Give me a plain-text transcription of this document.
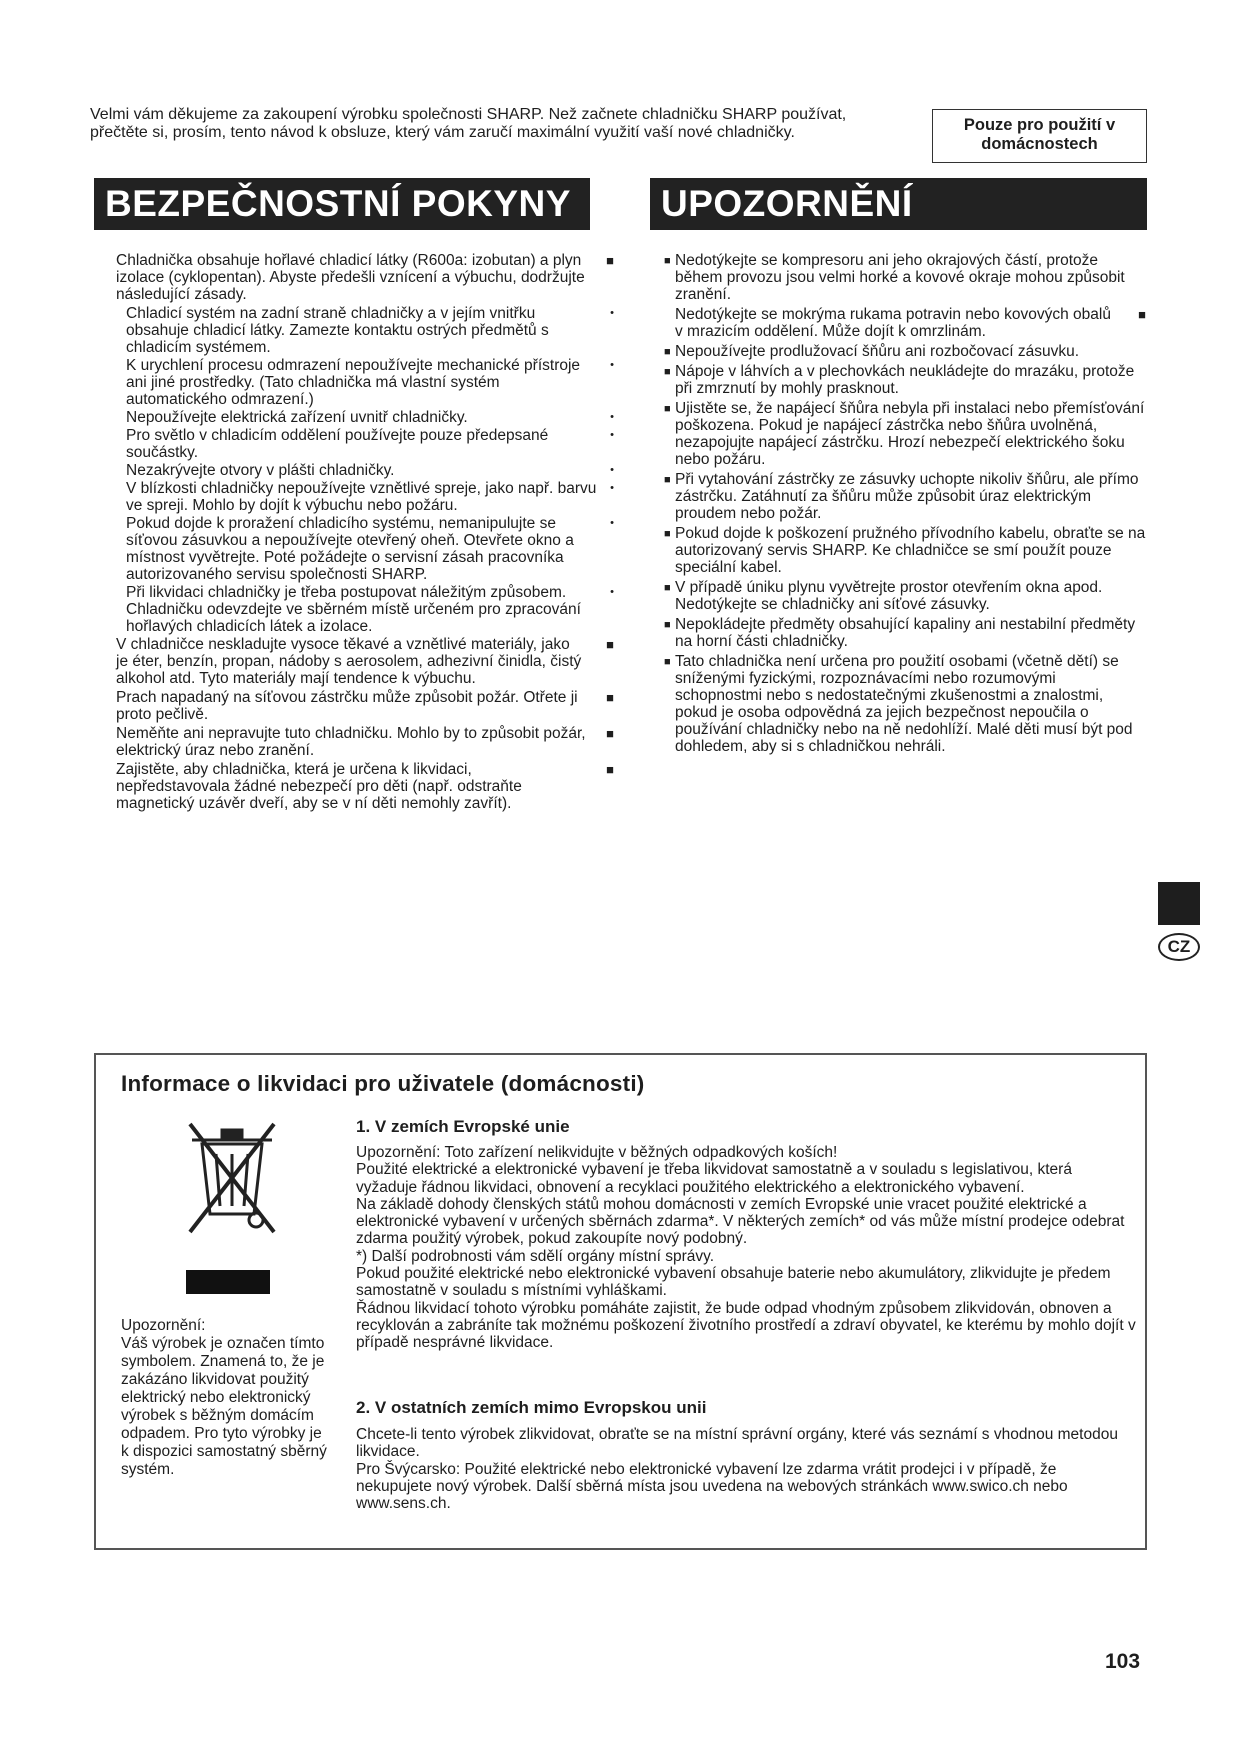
Velmi vám děkujeme za zakoupení výrobku společnosti SHARP. Než začnete chladničku SHARP používat, přečtěte si, prosím, tento návod k obsluze, který vám zaručí maximální využití vaší nové chladničky.	Pouze pro použití v domácnostech
BEZPEČNOSTNÍ POKYNY	UPOZORNĚNÍ
Chladnička obsahuje hořlavé chladicí látky (R600a: izobutan) a plyn izolace (cyklopentan). Abyste předešli vznícení a výbuchu, dodržujte následující zásady.
■
Chladicí systém na zadní straně chladničky a v jejím vnitřku obsahuje chladicí látky. Zamezte kontaktu ostrých předmětů s chladicím systémem.
•
K urychlení procesu odmrazení nepoužívejte mechanické přístroje ani jiné prostředky. (Tato chladnička má vlastní systém automatického odmrazení.)
•
Nepoužívejte elektrická zařízení uvnitř chladničky.	•
Pro světlo v chladicím oddělení používejte pouze předepsané součástky.
•
Nezakrývejte otvory v plášti chladničky.	•
V blízkosti chladničky nepoužívejte vznětlivé spreje, jako např. barvu ve spreji. Mohlo by dojít k výbuchu nebo požáru.
•
Pokud dojde k proražení chladicího systému, nemanipulujte se síťovou zásuvkou a nepoužívejte otevřený oheň. Otevřete okno a místnost vyvětrejte. Poté požádejte o servisní zásah pracovníka autorizovaného servisu společnosti SHARP.
•
Při likvidaci chladničky je třeba postupovat náležitým způsobem. Chladničku odevzdejte ve sběrném místě určeném pro zpracování hořlavých chladicích látek a izolace.
•
V chladničce neskladujte vysoce těkavé a vznětlivé materiály, jako je éter, benzín, propan, nádoby s aerosolem, adhezivní činidla, čistý alkohol atd. Tyto materiály mají tendence k výbuchu.
■
Prach napadaný na síťovou zástrčku může způsobit požár. Otřete ji proto pečlivě.
■
Neměňte ani nepravujte tuto chladničku. Mohlo by to způsobit požár, elektrický úraz nebo zranění.
■
Zajistěte, aby chladnička, která je určena k likvidaci, nepředstavovala žádné nebezpečí pro děti (např. odstraňte magnetický uzávěr dveří, aby se v ní děti nemohly zavřít).
■
■ Nedotýkejte se kompresoru ani jeho okrajových částí, protože během provozu jsou velmi horké a kovové okraje mohou způsobit zranění.
Nedotýkejte se mokrýma rukama potravin nebo kovových obalů v mrazicím oddělení. Může dojít k omrzlinám.
■
■ Nepoužívejte prodlužovací šňůru ani rozbočovací zásuvku.
■ Nápoje v láhvích a v plechovkách neukládejte do mrazáku, protože při zmrznutí by mohly prasknout.
■ Ujistěte se, že napájecí šňůra nebyla při instalaci nebo přemísťování poškozena. Pokud je napájecí zástrčka nebo šňůra uvolněná, nezapojujte napájecí zástrčku. Hrozí nebezpečí elektrického šoku nebo požáru.
■ Při vytahování zástrčky ze zásuvky uchopte nikoliv šňůru, ale přímo zástrčku. Zatáhnutí za šňůru může způsobit úraz elektrickým proudem nebo požár.
■ Pokud dojde k poškození pružného přívodního kabelu, obraťte se na autorizovaný servis SHARP. Ke chladničce se smí použít pouze speciální kabel.
■ V případě úniku plynu vyvětrejte prostor otevřením okna apod. Nedotýkejte se chladničky ani síťové zásuvky.
■ Nepokládejte předměty obsahující kapaliny ani nestabilní předměty na horní části chladničky.
■ Tato chladnička není určena pro použití osobami (včetně dětí) se sníženými fyzickými, rozpoznávacími nebo rozumovými schopnostmi nebo s nedostatečnými zkušenostmi a znalostmi, pokud je osoba odpovědná za jejich bezpečnost nepoučila o používání chladničky nebo na ně nedohlíží. Malé děti musí být pod dohledem, aby si s chladničkou nehráli.
CZ
Informace o likvidaci pro uživatele (domácnosti)
Upozornění:
Váš výrobek je označen tímto symbolem. Znamená to, že je zakázáno likvidovat použitý elektrický nebo elektronický výrobek s běžným domácím odpadem. Pro tyto výrobky je k dispozici samostatný sběrný systém.
1. V zemích Evropské unie
Upozornění: Toto zařízení nelikvidujte v běžných odpadkových koších!
Použité elektrické a elektronické vybavení je třeba likvidovat samostatně a v souladu s legislativou, která vyžaduje řádnou likvidaci, obnovení a recyklaci použitého elektrického a elektronického vybavení.
Na základě dohody členských států mohou domácnosti v zemích Evropské unie vracet použité elektrické a elektronické vybavení v určených sběrnách zdarma*. V některých zemích* od vás může místní prodejce odebrat zdarma použitý výrobek, pokud zakoupíte nový podobný.
*) Další podrobnosti vám sdělí orgány místní správy.
Pokud použité elektrické nebo elektronické vybavení obsahuje baterie nebo akumulátory, zlikvidujte je předem samostatně v souladu s místními vyhláškami.
Řádnou likvidací tohoto výrobku pomáháte zajistit, že bude odpad vhodným způsobem zlikvidován, obnoven a recyklován a zabráníte tak možnému poškození životního prostředí a zdraví obyvatel, ke kterému by mohlo dojít v případě nesprávné likvidace.
2. V ostatních zemích mimo Evropskou unii
Chcete-li tento výrobek zlikvidovat, obraťte se na místní správní orgány, které vás seznámí s vhodnou metodou likvidace.
Pro Švýcarsko: Použité elektrické nebo elektronické vybavení lze zdarma vrátit prodejci i v případě, že nekupujete nový výrobek. Další sběrná místa jsou uvedena na webových stránkách www.swico.ch nebo www.sens.ch.
103
